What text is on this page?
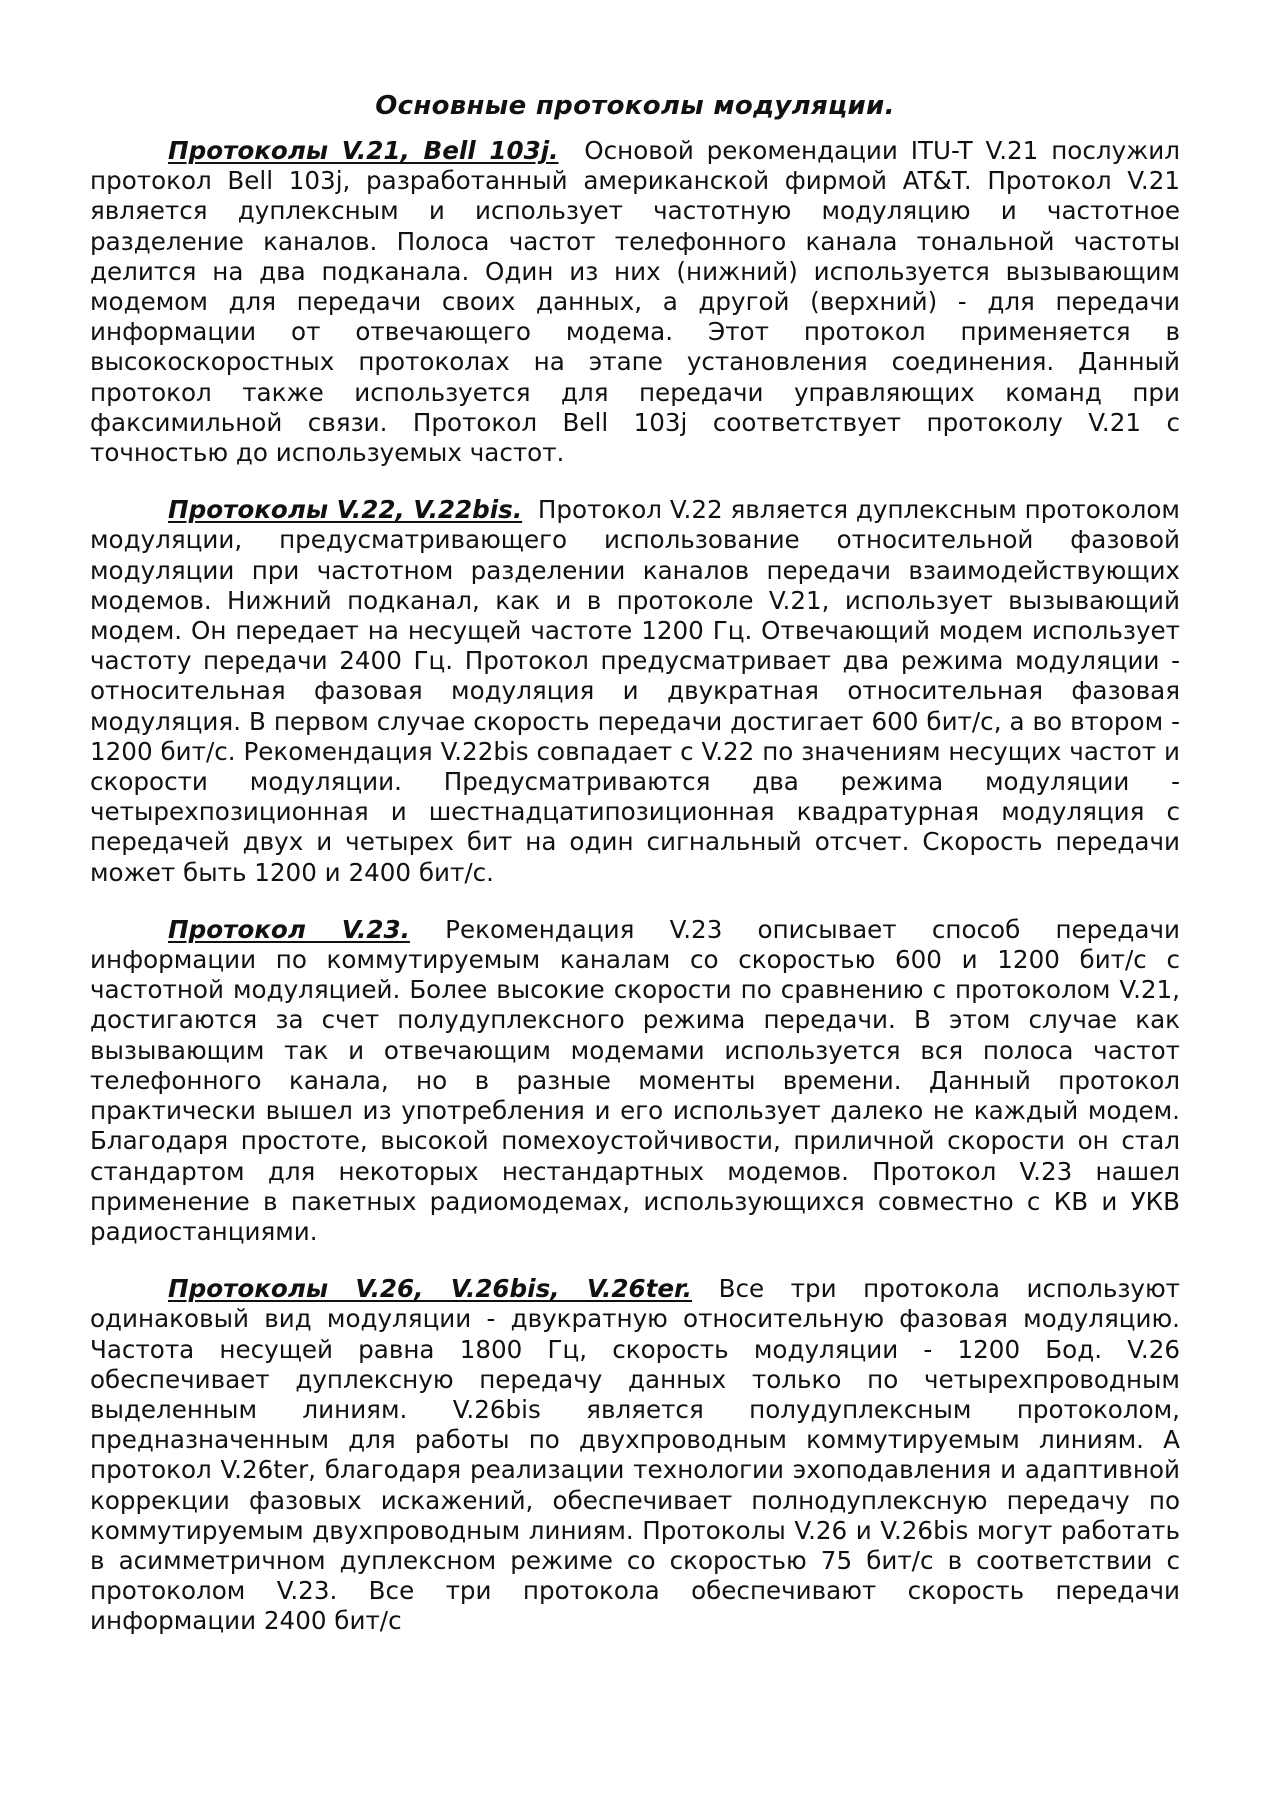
Основные протоколы модуляции.

Протоколы V.21, Bell 103j. Основой рекомендации ITU-T V.21 послужил протокол Bell 103j, разработанный американской фирмой AT&T. Протокол V.21 является дуплексным и использует частотную модуляцию и частотное разделение каналов. Полоса частот телефонного канала тональной частоты делится на два подканала. Один из них (нижний) используется вызывающим модемом для передачи своих данных, а другой (верхний) - для передачи информации от отвечающего модема. Этот протокол применяется в высокоскоростных протоколах на этапе установления соединения. Данный протокол также используется для передачи управляющих команд при факсимильной связи. Протокол Bell 103j соответствует протоколу V.21 с точностью до используемых частот.

Протоколы V.22, V.22bis. Протокол V.22 является дуплексным протоколом модуляции, предусматривающего использование относительной фазовой модуляции при частотном разделении каналов передачи взаимодействующих модемов. Нижний подканал, как и в протоколе V.21, использует вызывающий модем. Он передает на несущей частоте 1200 Гц. Отвечающий модем использует частоту передачи 2400 Гц. Протокол предусматривает два режима модуляции - относительная фазовая модуляция и двукратная относительная фазовая модуляция. В первом случае скорость передачи достигает 600 бит/с, а во втором - 1200 бит/с. Рекомендация V.22bis совпадает с V.22 по значениям несущих частот и скорости модуляции. Предусматриваются два режима модуляции - четырехпозиционная и шестнадцатипозиционная квадратурная модуляция с передачей двух и четырех бит на один сигнальный отсчет. Скорость передачи может быть 1200 и 2400 бит/с.

Протокол V.23. Рекомендация V.23 описывает способ передачи информации по коммутируемым каналам со скоростью 600 и 1200 бит/с с частотной модуляцией. Более высокие скорости по сравнению с протоколом V.21, достигаются за счет полудуплексного режима передачи. В этом случае как вызывающим так и отвечающим модемами используется вся полоса частот телефонного канала, но в разные моменты времени. Данный протокол практически вышел из употребления и его использует далеко не каждый модем. Благодаря простоте, высокой помехоустойчивости, приличной скорости он стал стандартом для некоторых нестандартных модемов. Протокол V.23 нашел применение в пакетных радиомодемах, использующихся совместно с КВ и УКВ радиостанциями.

Протоколы V.26, V.26bis, V.26ter. Все три протокола используют одинаковый вид модуляции - двукратную относительную фазовая модуляцию. Частота несущей равна 1800 Гц, скорость модуляции - 1200 Бод. V.26 обеспечивает дуплексную передачу данных только по четырехпроводным выделенным линиям. V.26bis является полудуплексным протоколом, предназначенным для работы по двухпроводным коммутируемым линиям. А протокол V.26ter, благодаря реализации технологии эхоподавления и адаптивной коррекции фазовых искажений, обеспечивает полнодуплексную передачу по коммутируемым двухпроводным линиям. Протоколы V.26 и V.26bis могут работать в асимметричном дуплексном режиме со скоростью 75 бит/с в соответствии с протоколом V.23. Все три протокола обеспечивают скорость передачи информации 2400 бит/с
